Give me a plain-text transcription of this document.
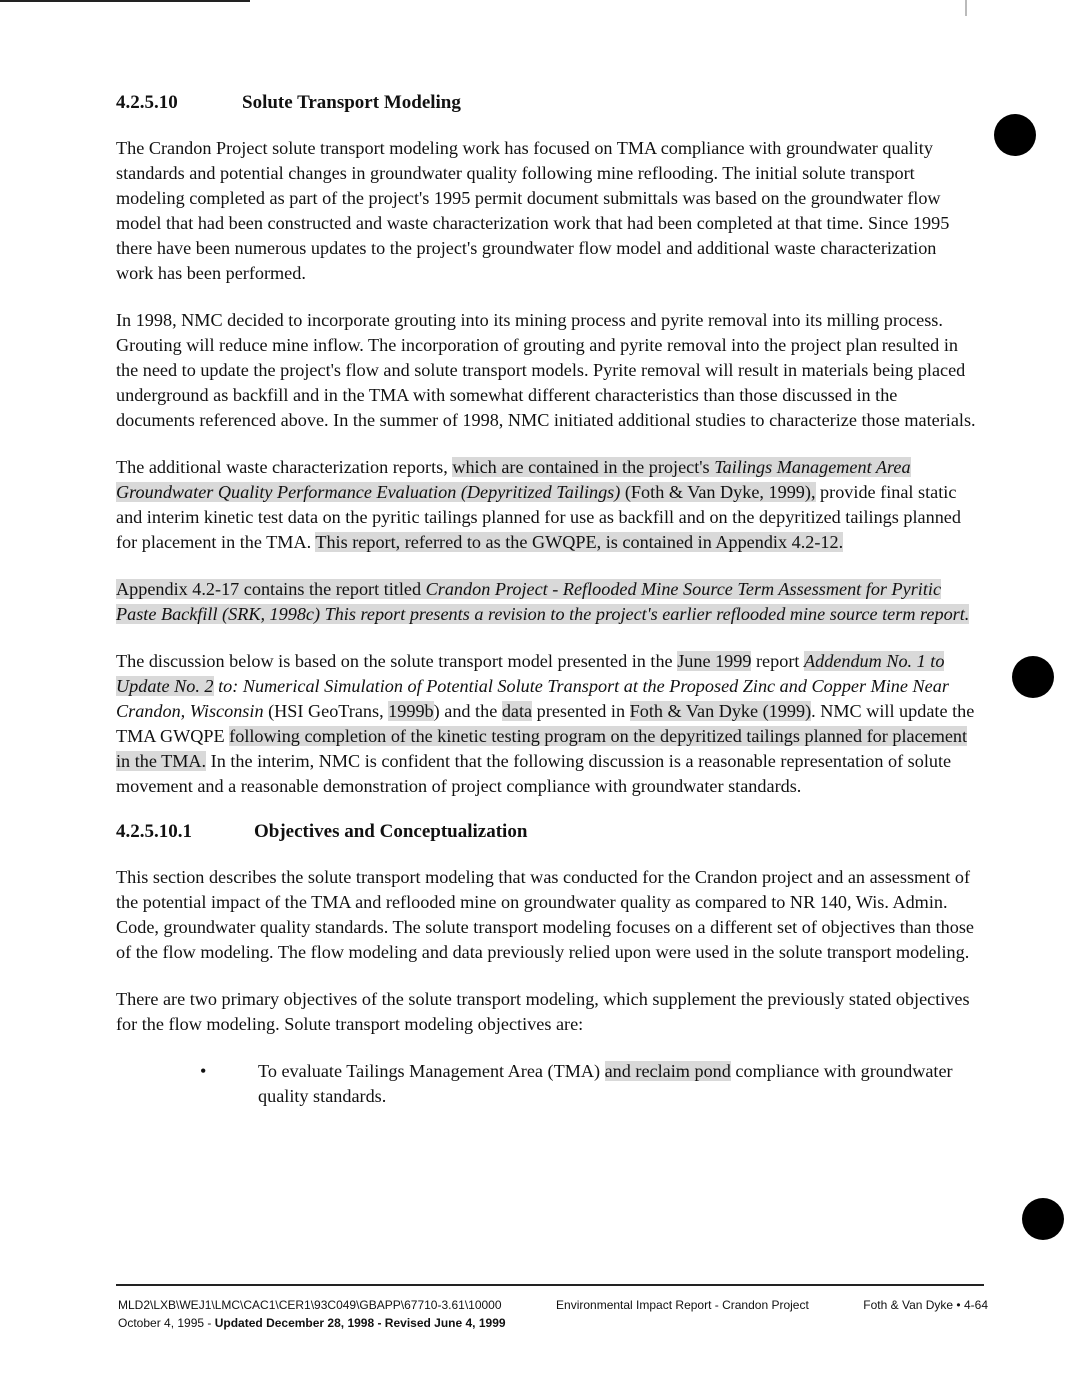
4.2.5.10	Solute Transport Modeling

The Crandon Project solute transport modeling work has focused on TMA compliance with groundwater quality standards and potential changes in groundwater quality following mine reflooding. The initial solute transport modeling completed as part of the project's 1995 permit document submittals was based on the groundwater flow model that had been constructed and waste characterization work that had been completed at that time. Since 1995 there have been numerous updates to the project's groundwater flow model and additional waste characterization work has been performed.

In 1998, NMC decided to incorporate grouting into its mining process and pyrite removal into its milling process. Grouting will reduce mine inflow. The incorporation of grouting and pyrite removal into the project plan resulted in the need to update the project's flow and solute transport models. Pyrite removal will result in materials being placed underground as backfill and in the TMA with somewhat different characteristics than those discussed in the documents referenced above. In the summer of 1998, NMC initiated additional studies to characterize those materials.

The additional waste characterization reports, which are contained in the project's Tailings Management Area Groundwater Quality Performance Evaluation (Depyritized Tailings) (Foth & Van Dyke, 1999), provide final static and interim kinetic test data on the pyritic tailings planned for use as backfill and on the depyritized tailings planned for placement in the TMA. This report, referred to as the GWQPE, is contained in Appendix 4.2-12.

Appendix 4.2-17 contains the report titled Crandon Project - Reflooded Mine Source Term Assessment for Pyritic Paste Backfill (SRK, 1998c) This report presents a revision to the project's earlier reflooded mine source term report.

The discussion below is based on the solute transport model presented in the June 1999 report Addendum No. 1 to Update No. 2 to: Numerical Simulation of Potential Solute Transport at the Proposed Zinc and Copper Mine Near Crandon, Wisconsin (HSI GeoTrans, 1999b) and the data presented in Foth & Van Dyke (1999). NMC will update the TMA GWQPE following completion of the kinetic testing program on the depyritized tailings planned for placement in the TMA. In the interim, NMC is confident that the following discussion is a reasonable representation of solute movement and a reasonable demonstration of project compliance with groundwater standards.

4.2.5.10.1	Objectives and Conceptualization

This section describes the solute transport modeling that was conducted for the Crandon project and an assessment of the potential impact of the TMA and reflooded mine on groundwater quality as compared to NR 140, Wis. Admin. Code, groundwater quality standards. The solute transport modeling focuses on a different set of objectives than those of the flow modeling. The flow modeling and data previously relied upon were used in the solute transport modeling.

There are two primary objectives of the solute transport modeling, which supplement the previously stated objectives for the flow modeling. Solute transport modeling objectives are:

• To evaluate Tailings Management Area (TMA) and reclaim pond compliance with groundwater quality standards.
MLD2\LXB\WEJ1\LMC\CAC1\CER1\93C049\GBAPP\67710-3.61\10000	Environmental Impact Report - Crandon Project	Foth & Van Dyke • 4-64
October 4, 1995 - Updated December 28, 1998 - Revised June 4, 1999
